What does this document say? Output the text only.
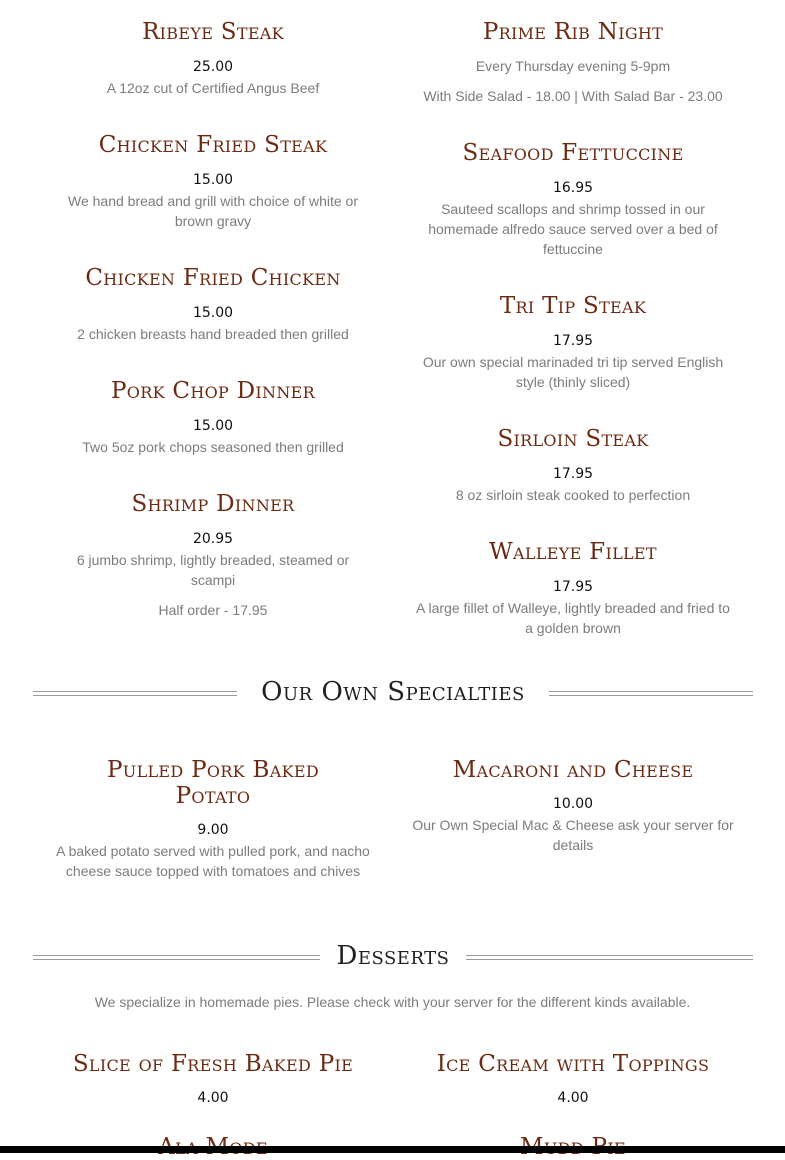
Ribeye Steak
25.00
A 12oz cut of Certified Angus Beef
Chicken Fried Steak
15.00
We hand bread and grill with choice of white or brown gravy
Chicken Fried Chicken
15.00
2 chicken breasts hand breaded then grilled
Pork Chop Dinner
15.00
Two 5oz pork chops seasoned then grilled
Shrimp Dinner
20.95
6 jumbo shrimp, lightly breaded, steamed or scampi
Half order - 17.95
Prime Rib Night
Every Thursday evening 5-9pm
With Side Salad - 18.00 | With Salad Bar - 23.00
Seafood Fettuccine
16.95
Sauteed scallops and shrimp tossed in our homemade alfredo sauce served over a bed of fettuccine
Tri Tip Steak
17.95
Our own special marinaded tri tip served English style (thinly sliced)
Sirloin Steak
17.95
8 oz sirloin steak cooked to perfection
Walleye Fillet
17.95
A large fillet of Walleye, lightly breaded and fried to a golden brown
Our Own Specialties
Pulled Pork Baked Potato
9.00
A baked potato served with pulled pork, and nacho cheese sauce topped with tomatoes and chives
Macaroni and Cheese
10.00
Our Own Special Mac & Cheese ask your server for details
Desserts
We specialize in homemade pies. Please check with your server for the different kinds available.
Slice of Fresh Baked Pie
4.00
Ice Cream with Toppings
4.00
